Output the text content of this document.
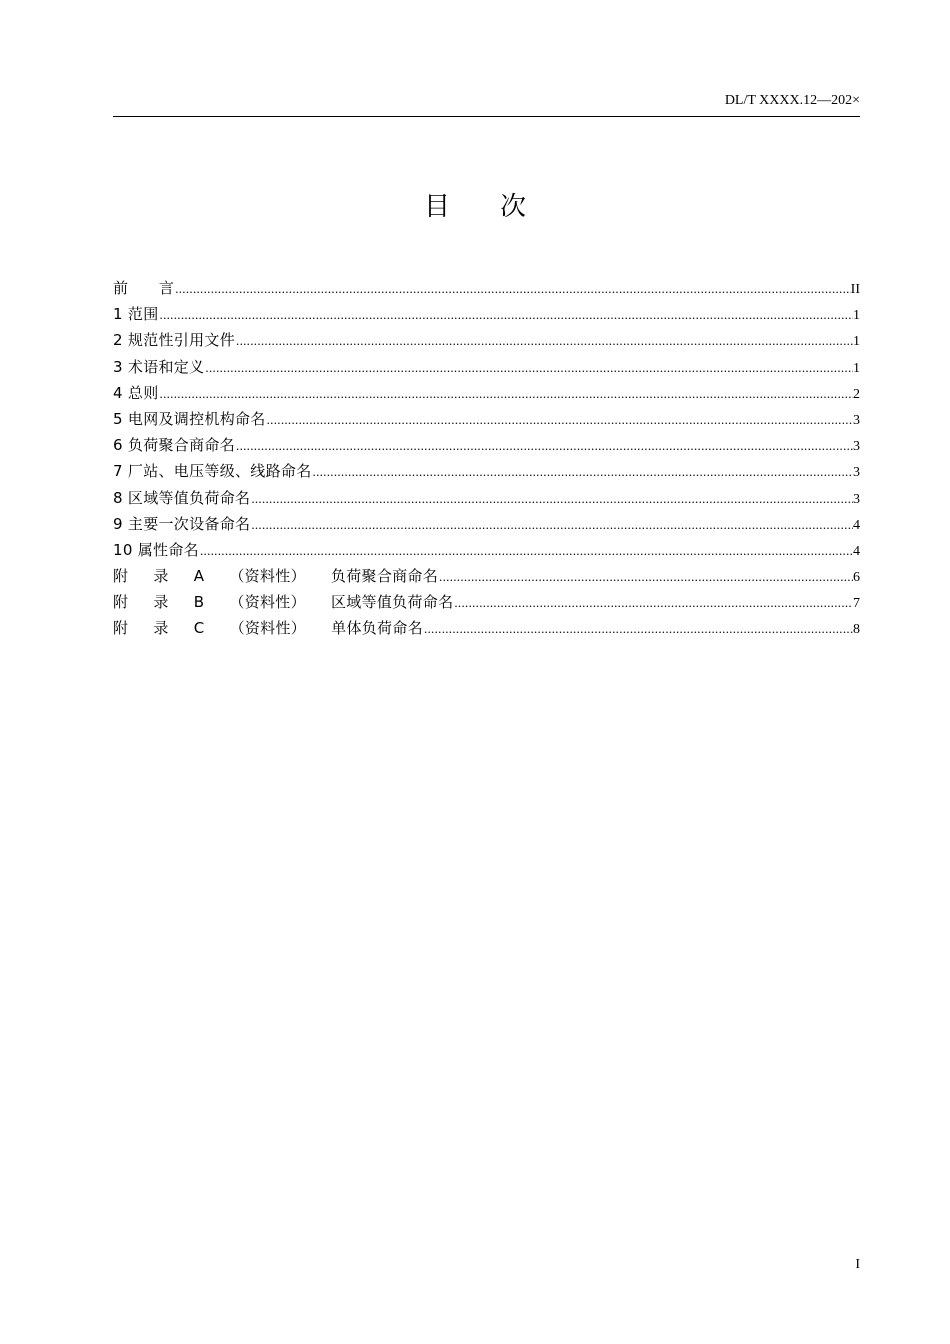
DL/T XXXX.12—202×
目次
前　　言 .....	II
1 范围 .....	1
2 规范性引用文件 .....	1
3 术语和定义 .....	1
4 总则 .....	2
5 电网及调控机构命名 .....	3
6 负荷聚合商命名 .....	3
7 厂站、电压等级、线路命名 .....	3
8 区域等值负荷命名 .....	3
9 主要一次设备命名 .....	4
10 属性命名 .....	4
附 录 A （资料性） 负荷聚合商命名 .....	6
附 录 B （资料性） 区域等值负荷命名 .....	7
附 录 C （资料性） 单体负荷命名 .....	8
I
